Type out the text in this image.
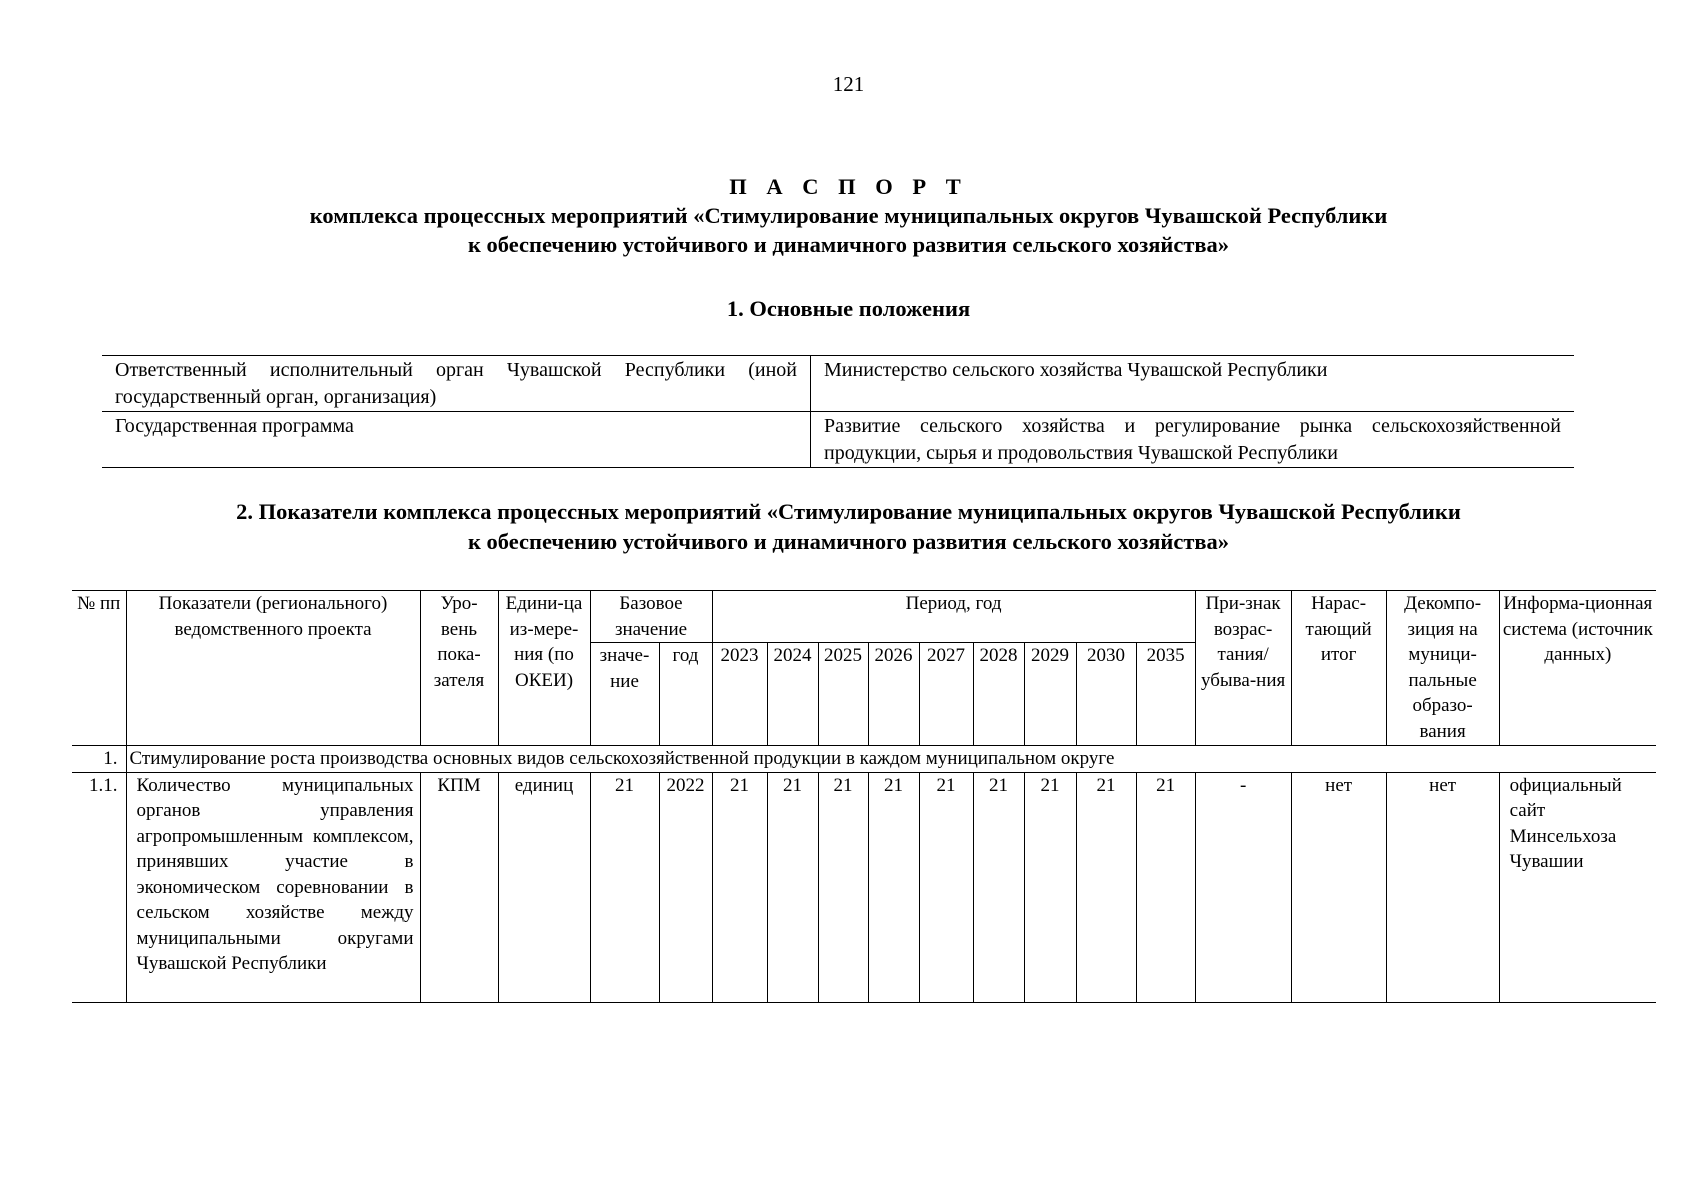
121
П А С П О Р Т
комплекса процессных мероприятий «Стимулирование муниципальных округов Чувашской Республики
к обеспечению устойчивого и динамичного развития сельского хозяйства»
1. Основные положения
Ответственный исполнительный орган Чувашской Республики (иной государственный орган, организация)	Министерство сельского хозяйства Чувашской Республики
Государственная программа	Развитие сельского хозяйства и регулирование рынка сельскохозяйственной продукции, сырья и продовольствия Чувашской Республики
2. Показатели комплекса процессных мероприятий «Стимулирование муниципальных округов Чувашской Республики
к обеспечению устойчивого и динамичного развития сельского хозяйства»
№ пп	Показатели (регионального) ведомственного проекта	Уро-вень пока-зателя	Едини-ца из-мере-ния (по ОКЕИ)	Базовое значение		Период, год									При-знак возрас-тания/ убыва-ния	Нарас-тающий итог	Декомпо-зиция на муници-пальные образо-вания	Информа-ционная система (источник данных)
				значе-ние	год	2023	2024	2025	2026	2027	2028	2029	2030	2035				
1.	Стимулирование роста производства основных видов сельскохозяйственной продукции в каждом муниципальном округе																	
1.1.	Количество муниципальных органов управления агропромышленным комплексом, принявших участие в экономическом соревновании в сельском хозяйстве между муниципальными округами Чувашской Республики	КПМ	единиц	21	2022	21	21	21	21	21	21	21	21	21	-	нет	нет	официальный сайт Минсельхоза Чувашии
